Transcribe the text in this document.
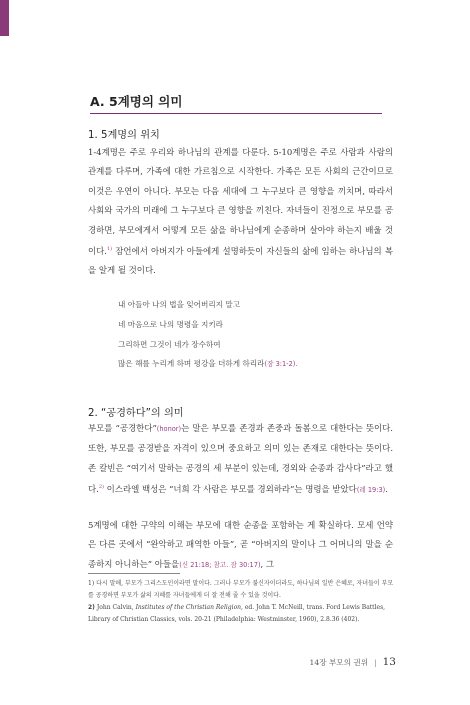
A. 5계명의 의미
1. 5계명의 위치

1-4계명은 주로 우리와 하나님의 관계를 다룬다. 5-10계명은 주로 사람과 사람의 관계를 다루며, 가족에 대한 가르침으로 시작한다. 가족은 모든 사회의 근간이므로 이것은 우연이 아니다. 부모는 다음 세대에 그 누구보다 큰 영향을 끼치며, 따라서 사회와 국가의 미래에 그 누구보다 큰 영향을 끼친다. 자녀들이 진정으로 부모를 공경하면, 부모에게서 어떻게 모든 삶을 하나님에게 순종하며 살아야 하는지 배울 것이다.$^{1)}$ 잠언에서 아버지가 아들에게 설명하듯이 자신들의 삶에 임하는 하나님의 복을 알게 될 것이다.

내 아들아 나의 법을 잊어버리지 말고
네 마음으로 나의 명령을 지키라
그리하면 그것이 네가 장수하여
많은 해를 누리게 하며 평강을 더하게 하리라(잠 3:1-2).
2. “공경하다”의 의미

부모를 “공경한다”(honor)는 말은 부모를 존경과 존중과 돌봄으로 대한다는 뜻이다. 또한, 부모를 공경받을 자격이 있으며 중요하고 의미 있는 존재로 대한다는 뜻이다. 존 칼빈은 “여기서 말하는 공경의 세 부분이 있는데, 경외와 순종과 감사다”라고 했다.$^{2)}$ 이스라엘 백성은 “너희 각 사람은 부모를 경외하라”는 명령을 받았다(레 19:3).

5계명에 대한 구약의 이해는 부모에 대한 순종을 포함하는 게 확실하다. 모세 언약은 다른 곳에서 “완악하고 패역한 아들”, 곧 “아버지의 말이나 그 어머니의 말을 순종하지 아니하는” 아들을(신 21:18; 참고. 잠 30:17), 그

1) 다시 말해, 부모가 그리스도인이라면 말이다. 그러나 부모가 불신자이더라도, 하나님의 일반 은혜로, 자녀들이 부모를 공경하면 부모가 삶의 지혜를 자녀들에게 더 잘 전해 줄 수 있을 것이다.
2) John Calvin, Institutes of the Christian Religion, ed. John T. McNeill, trans. Ford Lewis Battles, Library of Christian Classics, vols. 20-21 (Philadelphia: Westminster, 1960), 2.8.36 (402).
14장 부모의 권위 | 13
